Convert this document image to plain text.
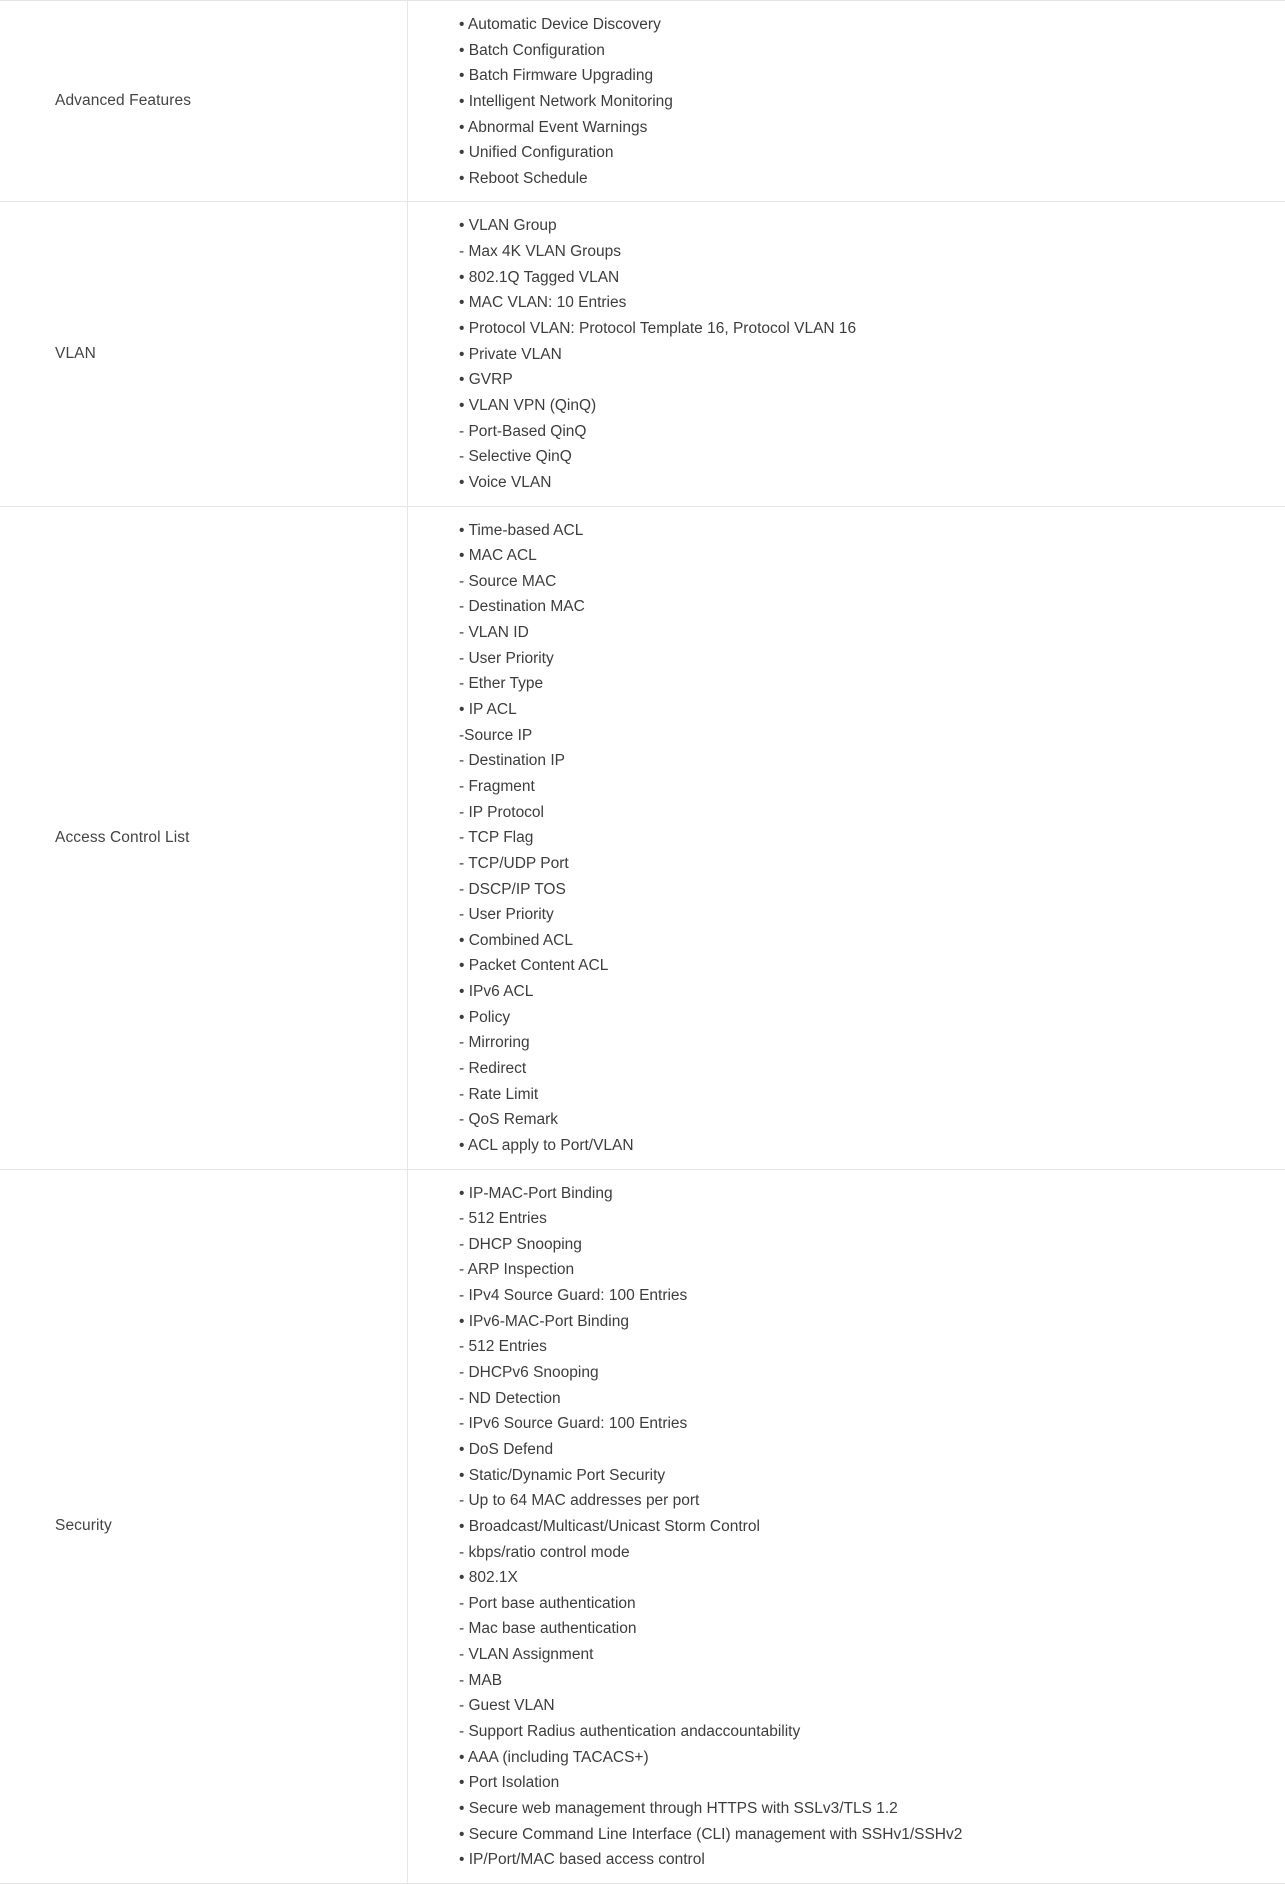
Advanced Features
• Automatic Device Discovery
• Batch Configuration
• Batch Firmware Upgrading
• Intelligent Network Monitoring
• Abnormal Event Warnings
• Unified Configuration
• Reboot Schedule
VLAN
• VLAN Group
- Max 4K VLAN Groups
• 802.1Q Tagged VLAN
• MAC VLAN: 10 Entries
• Protocol VLAN: Protocol Template 16, Protocol VLAN 16
• Private VLAN
• GVRP
• VLAN VPN (QinQ)
- Port-Based QinQ
- Selective QinQ
• Voice VLAN
Access Control List
• Time-based ACL
• MAC ACL
- Source MAC
- Destination MAC
- VLAN ID
- User Priority
- Ether Type
• IP ACL
-Source IP
- Destination IP
- Fragment
- IP Protocol
- TCP Flag
- TCP/UDP Port
- DSCP/IP TOS
- User Priority
• Combined ACL
• Packet Content ACL
• IPv6 ACL
• Policy
- Mirroring
- Redirect
- Rate Limit
- QoS Remark
• ACL apply to Port/VLAN
Security
• IP-MAC-Port Binding
- 512 Entries
- DHCP Snooping
- ARP Inspection
- IPv4 Source Guard: 100 Entries
• IPv6-MAC-Port Binding
- 512 Entries
- DHCPv6 Snooping
- ND Detection
- IPv6 Source Guard: 100 Entries
• DoS Defend
• Static/Dynamic Port Security
- Up to 64 MAC addresses per port
• Broadcast/Multicast/Unicast Storm Control
- kbps/ratio control mode
• 802.1X
- Port base authentication
- Mac base authentication
- VLAN Assignment
- MAB
- Guest VLAN
- Support Radius authentication andaccountability
• AAA (including TACACS+)
• Port Isolation
• Secure web management through HTTPS with SSLv3/TLS 1.2
• Secure Command Line Interface (CLI) management with SSHv1/SSHv2
• IP/Port/MAC based access control
